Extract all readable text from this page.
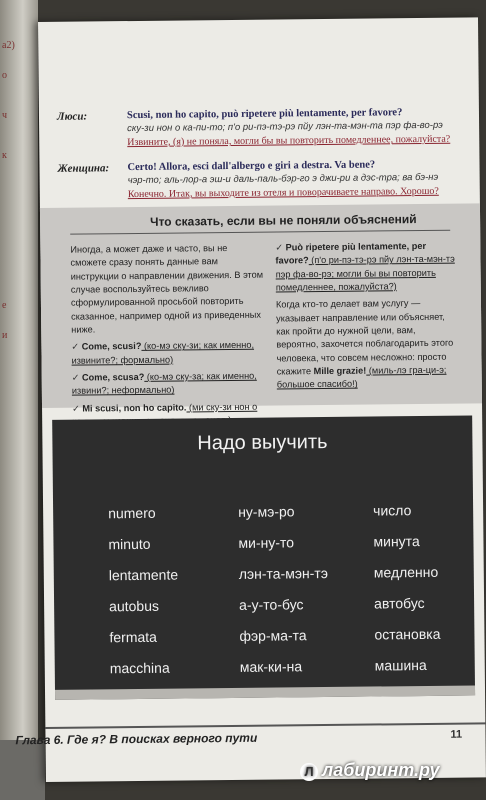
а2)
о
ч
к
е
и
Люси:	Scusi, non ho capito, può ripetere più lentamente, per favore?
ску-зи нон о ка-пи-то; п'о ри-пэ-тэ-рэ пйу лэн-та-мэн-та пэр фа-во-рэ
Извините, (я) не поняла, могли бы вы повторить помедленнее, пожалуйста?
Женщина: Certo! Allora, esci dall'albergo e giri a destra. Va bene?
чэр-то; аль-лор-а эш-и даль-паль-бэр-го э джи-ри а дэс-тра; ва бэ-нэ
Конечно. Итак, вы выходите из отеля и поворачиваете направо. Хорошо?
Что сказать, если вы не поняли объяснений

Иногда, а может даже и часто, вы не сможете сразу понять данные вам инструкции о направлении движения. В этом случае воспользуйтесь вежливо сформулированной просьбой повторить сказанное, например одной из приведенных ниже.

✓ Come, scusi? (ко-мэ ску-зи; как именно, извините?; формально)

✓ Come, scusa? (ко-мэ ску-за; как именно, извини?; неформально)

✓ Mi scusi, non ho capito. (ми ску-зи нон о

✓ Può ripetere più lentamente, per favore? (п'о ри-пэ-тэ-рэ пйу лэн-та-мэн-тэ пэр фа-во-рэ; могли бы вы повторить помедленнее, пожалуйста?)

Когда кто-то делает вам услугу — указывает направление или объясняет, как пройти до нужной цели, вам, вероятно, захочется поблагодарить этого человека, что совсем несложно: просто скажите Mille grazie! (миль-лэ гра-ци-э; большое спасибо!)

Надо выучить
numero	ну-мэ-ро	число
minuto	ми-ну-то	минута
lentamente	лэн-та-мэн-тэ	медленно
autobus	а-у-то-бус	автобус
fermata	фэр-ма-та	остановка
macchina	мак-ки-на	машина
Глава 6. Где я? В поисках верного пути	11
Л лабиринт.ру
